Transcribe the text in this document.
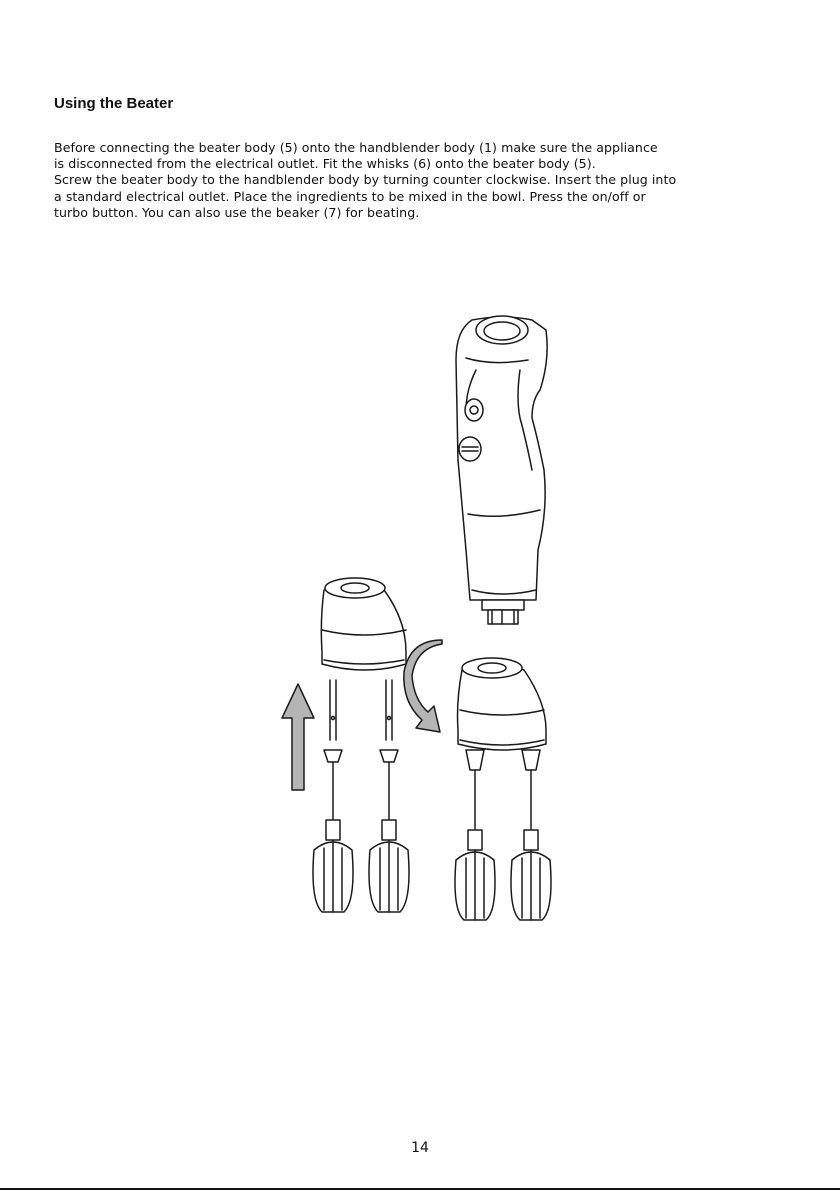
Using the Beater
Before connecting the beater body (5) onto the handblender body (1) make sure the appliance
is disconnected from the electrical outlet. Fit the whisks (6) onto the beater body (5).
Screw the beater body to the handblender body by turning counter clockwise. Insert the plug into
a standard electrical outlet. Place the ingredients to be mixed in the bowl. Press the on/off or
turbo button. You can also use the beaker (7) for beating.
14
